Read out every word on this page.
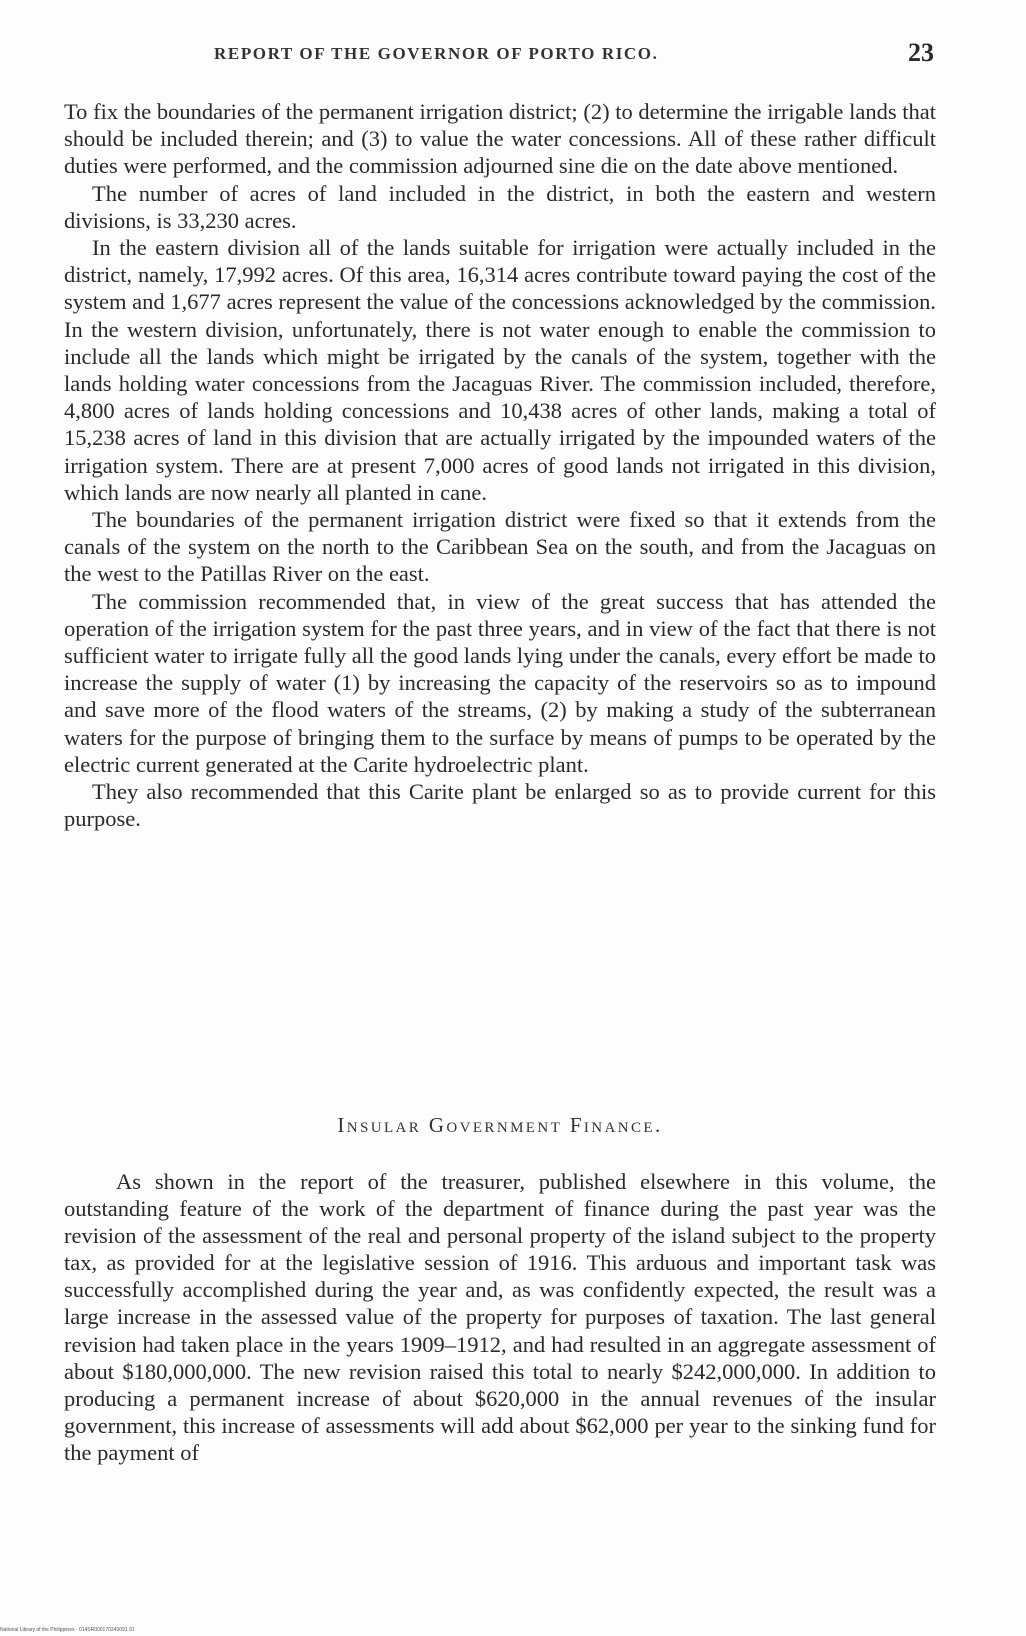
REPORT OF THE GOVERNOR OF PORTO RICO.	23

To fix the boundaries of the permanent irrigation district; (2) to determine the irrigable lands that should be included therein; and (3) to value the water concessions. All of these rather difficult duties were performed, and the commission adjourned sine die on the date above mentioned.

The number of acres of land included in the district, in both the eastern and western divisions, is 33,230 acres.

In the eastern division all of the lands suitable for irrigation were actually included in the district, namely, 17,992 acres. Of this area, 16,314 acres contribute toward paying the cost of the system and 1,677 acres represent the value of the concessions acknowledged by the commission. In the western division, unfortunately, there is not water enough to enable the commission to include all the lands which might be irrigated by the canals of the system, together with the lands holding water concessions from the Jacaguas River. The commission included, therefore, 4,800 acres of lands holding concessions and 10,438 acres of other lands, making a total of 15,238 acres of land in this division that are actually irrigated by the impounded waters of the irrigation system. There are at present 7,000 acres of good lands not irrigated in this division, which lands are now nearly all planted in cane.

The boundaries of the permanent irrigation district were fixed so that it extends from the canals of the system on the north to the Caribbean Sea on the south, and from the Jacaguas on the west to the Patillas River on the east.

The commission recommended that, in view of the great success that has attended the operation of the irrigation system for the past three years, and in view of the fact that there is not sufficient water to irrigate fully all the good lands lying under the canals, every effort be made to increase the supply of water (1) by increasing the capacity of the reservoirs so as to impound and save more of the flood waters of the streams, (2) by making a study of the subterranean waters for the purpose of bringing them to the surface by means of pumps to be operated by the electric current generated at the Carite hydroelectric plant.

They also recommended that this Carite plant be enlarged so as to provide current for this purpose.

Insular Government Finance.

As shown in the report of the treasurer, published elsewhere in this volume, the outstanding feature of the work of the department of finance during the past year was the revision of the assessment of the real and personal property of the island subject to the property tax, as provided for at the legislative session of 1916. This arduous and important task was successfully accomplished during the year and, as was confidently expected, the result was a large increase in the assessed value of the property for purposes of taxation. The last general revision had taken place in the years 1909–1912, and had resulted in an aggregate assessment of about $180,000,000. The new revision raised this total to nearly $242,000,000. In addition to producing a permanent increase of about $620,000 in the annual revenues of the insular government, this increase of assessments will add about $62,000 per year to the sinking fund for the payment of

National Library of the Philippines · 014SR000170240091 91
